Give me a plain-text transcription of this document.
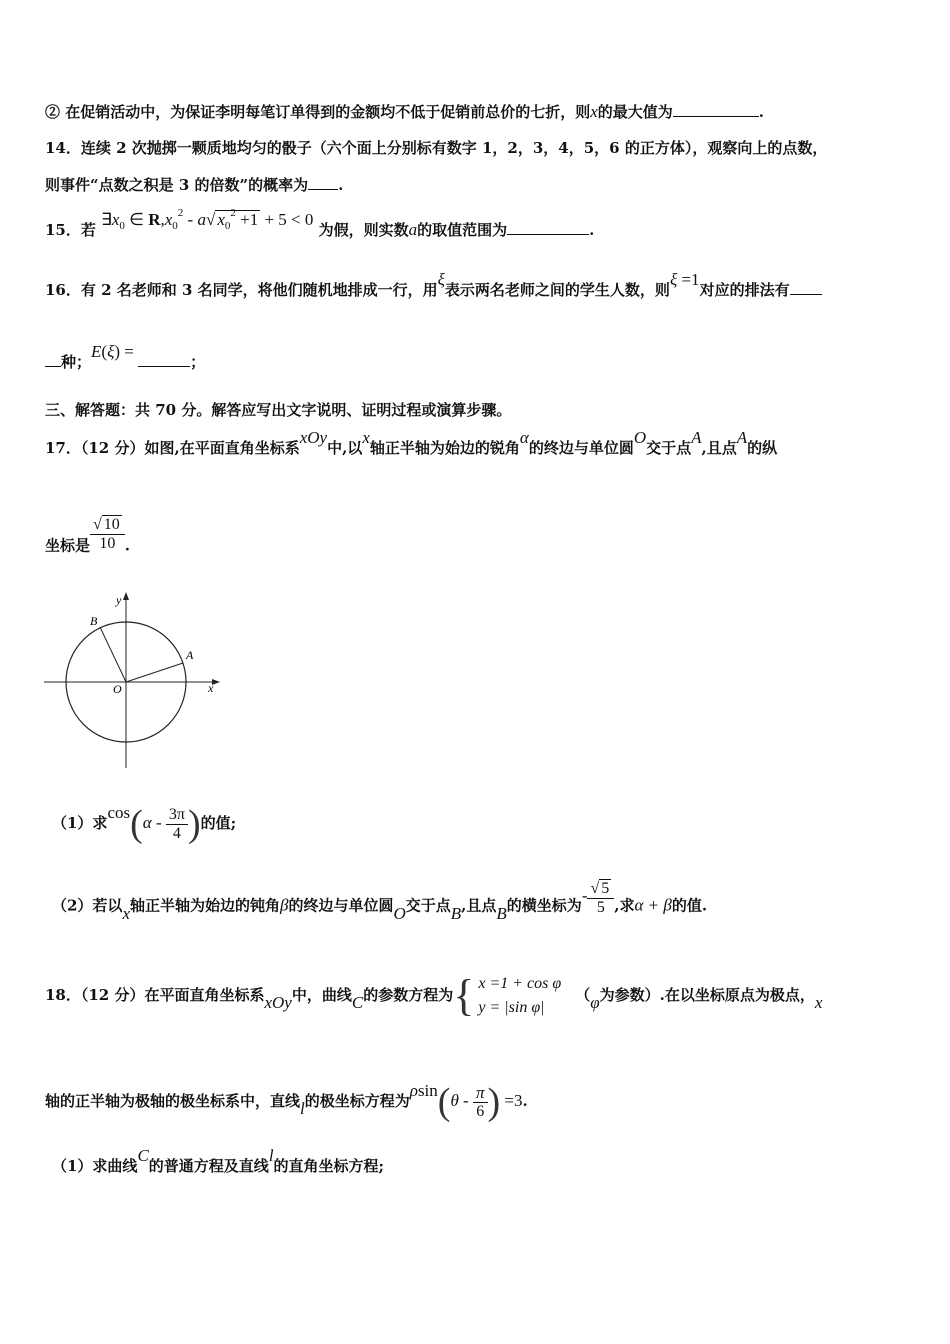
② 在促销活动中，为保证李明每笔订单得到的金额均不低于促销前总价的七折，则x的最大值为	.
14．连续 2 次抛掷一颗质地均匀的骰子（六个面上分别标有数字 1，2，3，4，5，6 的正方体），观察向上的点数，
则事件“点数之积是 3 的倍数”的概率为 .
15．若 $\exists x_0$ ∈ $R,x_0^2 - a√$ $x_0^2 +1 + 5 < 0$ 为假，则实数a的取值范围为	.
16．有 2 名老师和 3 名同学，将他们随机地排成一行，用ξ表示两名老师之间的学生人数，则ξ =1对应的排法有
种；E(ξ) = ；
三、解答题：共 70 分。解答应写出文字说明、证明过程或演算步骤。
17．（12 分）如图,在平面直角坐标系xOy中,以x轴正半轴为始边的锐角α的终边与单位圆O交于点A,且点A的纵
坐标是 $\frac{√ 10}{10}$ .
O
A
B
x
y
（1）求$\cos(\alpha - \frac{3\pi}{4}$ )的值;
（2）若以x轴正半轴为始边的钝角β的终边与单位圆O交于点B,且点B的横坐标为- $\frac{√ 5}{5}$ ,求α + β的值.
18．（12 分）在平面直角坐标系xOy中，曲线C的参数方程为 { x =1 + cos φ
y = |sin φ|
（φ为参数）.在以坐标原点为极点，x
轴的正半轴为极轴的极坐标系中，直线l的极坐标方程为$\rho\sin(\theta - \frac{\pi}{6}$ ) =3.
（1）求曲线C的普通方程及直线l的直角坐标方程;
